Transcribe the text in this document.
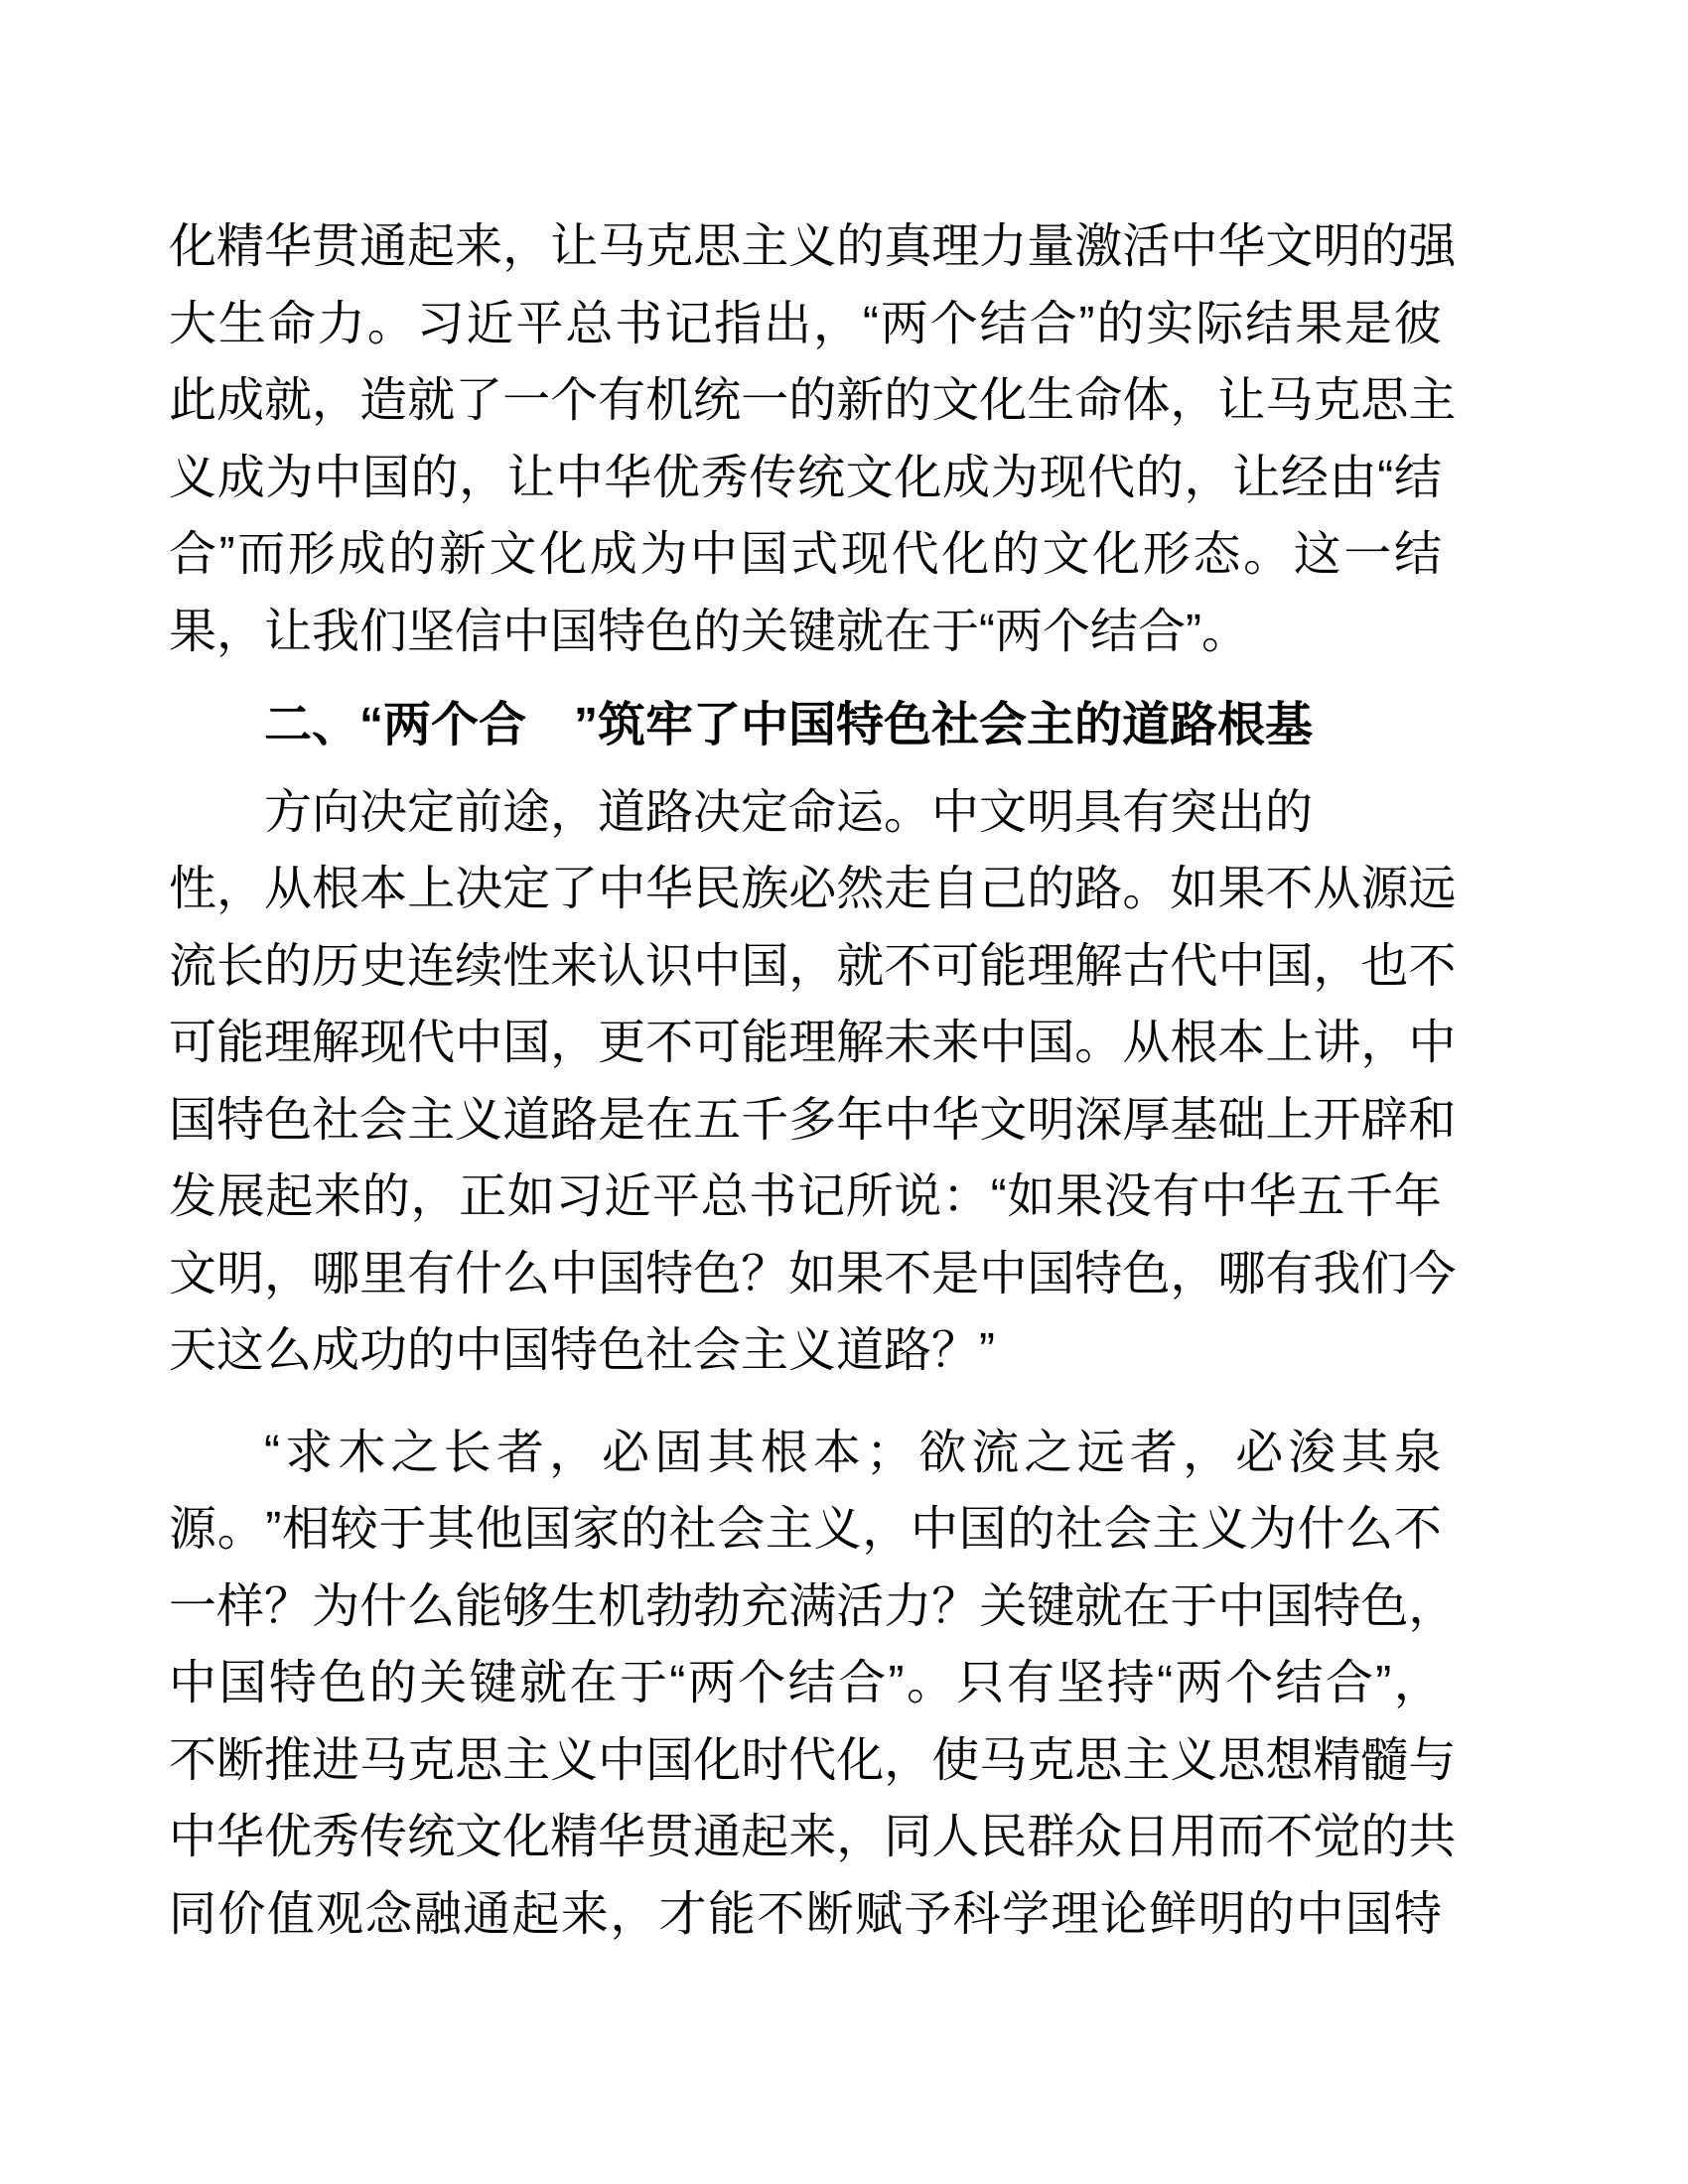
化 精 华 贯 通 起 来 ， 让 马 克 思 主 义 的 真 理 力 量 激 活 中 华 文 明 的 强
大 生 命 力 。 习 近 平 总 书 记 指 出 ， “ 两 个 结 合 ” 的 实 际 结 果 是 彼
此 成 就 ， 造 就 了 一 个 有 机 统 一 的 新 的 文 化 生 命 体 ， 让 马 克 思 主
义 成 为 中 国 的 ， 让 中 华 优 秀 传 统 文 化 成 为 现 代 的 ， 让 经 由 “ 结
合 ” 而 形 成 的 新 文 化 成 为 中 国 式 现 代 化 的 文 化 形 态 。 这 一 结
果，让我们坚信中国特色的关键就在于“两个结合”。
二、“两个合　”筑牢了中国特色社会主的道路根基
方向决定前途，道路决定命运。中文明具有突出的
性 ， 从 根 本 上 决 定 了 中 华 民 族 必 然 走 自 己 的 路 。 如 果 不 从 源 远
流 长 的 历 史 连 续 性 来 认 识 中 国 ， 就 不 可 能 理 解 古 代 中 国 ， 也 不
可 能 理 解 现 代 中 国 ， 更 不 可 能 理 解 未 来 中 国 。 从 根 本 上 讲 ， 中
国 特 色 社 会 主 义 道 路 是 在 五 千 多 年 中 华 文 明 深 厚 基 础 上 开 辟 和
发 展 起 来 的 ， 正 如 习 近 平 总 书 记 所 说 ： “ 如 果 没 有 中 华 五 千 年
文 明 ， 哪 里 有 什 么 中 国 特 色 ？ 如 果 不 是 中 国 特 色 ， 哪 有 我 们 今
天这么成功的中国特色社会主义道路？”
“ 求 木 之 长 者 ， 必 固 其 根 本 ； 欲 流 之 远 者 ， 必 浚 其 泉
源 。 ” 相 较 于 其 他 国 家 的 社 会 主 义 ， 中 国 的 社 会 主 义 为 什 么 不
一 样 ？ 为 什 么 能 够 生 机 勃 勃 充 满 活 力 ？ 关 键 就 在 于 中 国 特 色 ，
中 国 特 色 的 关 键 就 在 于 “ 两 个 结 合 ” 。 只 有 坚 持 “ 两 个 结 合 ” ，
不 断 推 进 马 克 思 主 义 中 国 化 时 代 化 ， 使 马 克 思 主 义 思 想 精 髓 与
中 华 优 秀 传 统 文 化 精 华 贯 通 起 来 ， 同 人 民 群 众 日 用 而 不 觉 的 共
同 价 值 观 念 融 通 起 来 ， 才 能 不 断 赋 予 科 学 理 论 鲜 明 的 中 国 特
